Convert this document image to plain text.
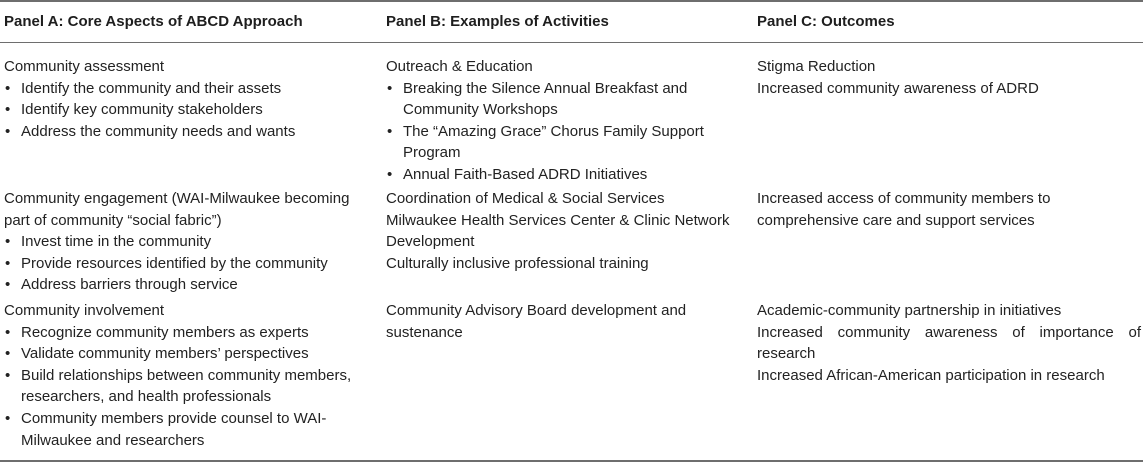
Panel A: Core Aspects of ABCD Approach	Panel B: Examples of Activities	Panel C: Outcomes
Community assessment
• Identify the community and their assets
• Identify key community stakeholders
• Address the community needs and wants
Outreach & Education
• Breaking the Silence Annual Breakfast and Community Workshops
• The “Amazing Grace” Chorus Family Support Program
• Annual Faith-Based ADRD Initiatives
Stigma Reduction
Increased community awareness of ADRD
Community engagement (WAI-Milwaukee becoming part of community “social fabric”)
• Invest time in the community
• Provide resources identified by the community
• Address barriers through service
Coordination of Medical & Social Services
Milwaukee Health Services Center & Clinic Network Development
Culturally inclusive professional training
Increased access of community members to comprehensive care and support services
Community involvement
• Recognize community members as experts
• Validate community members’ perspectives
• Build relationships between community members, researchers, and health professionals
• Community members provide counsel to WAI-Milwaukee and researchers
Community Advisory Board development and sustenance
Academic-community partnership in initiatives
Increased community awareness of importance of research
Increased African-American participation in research
